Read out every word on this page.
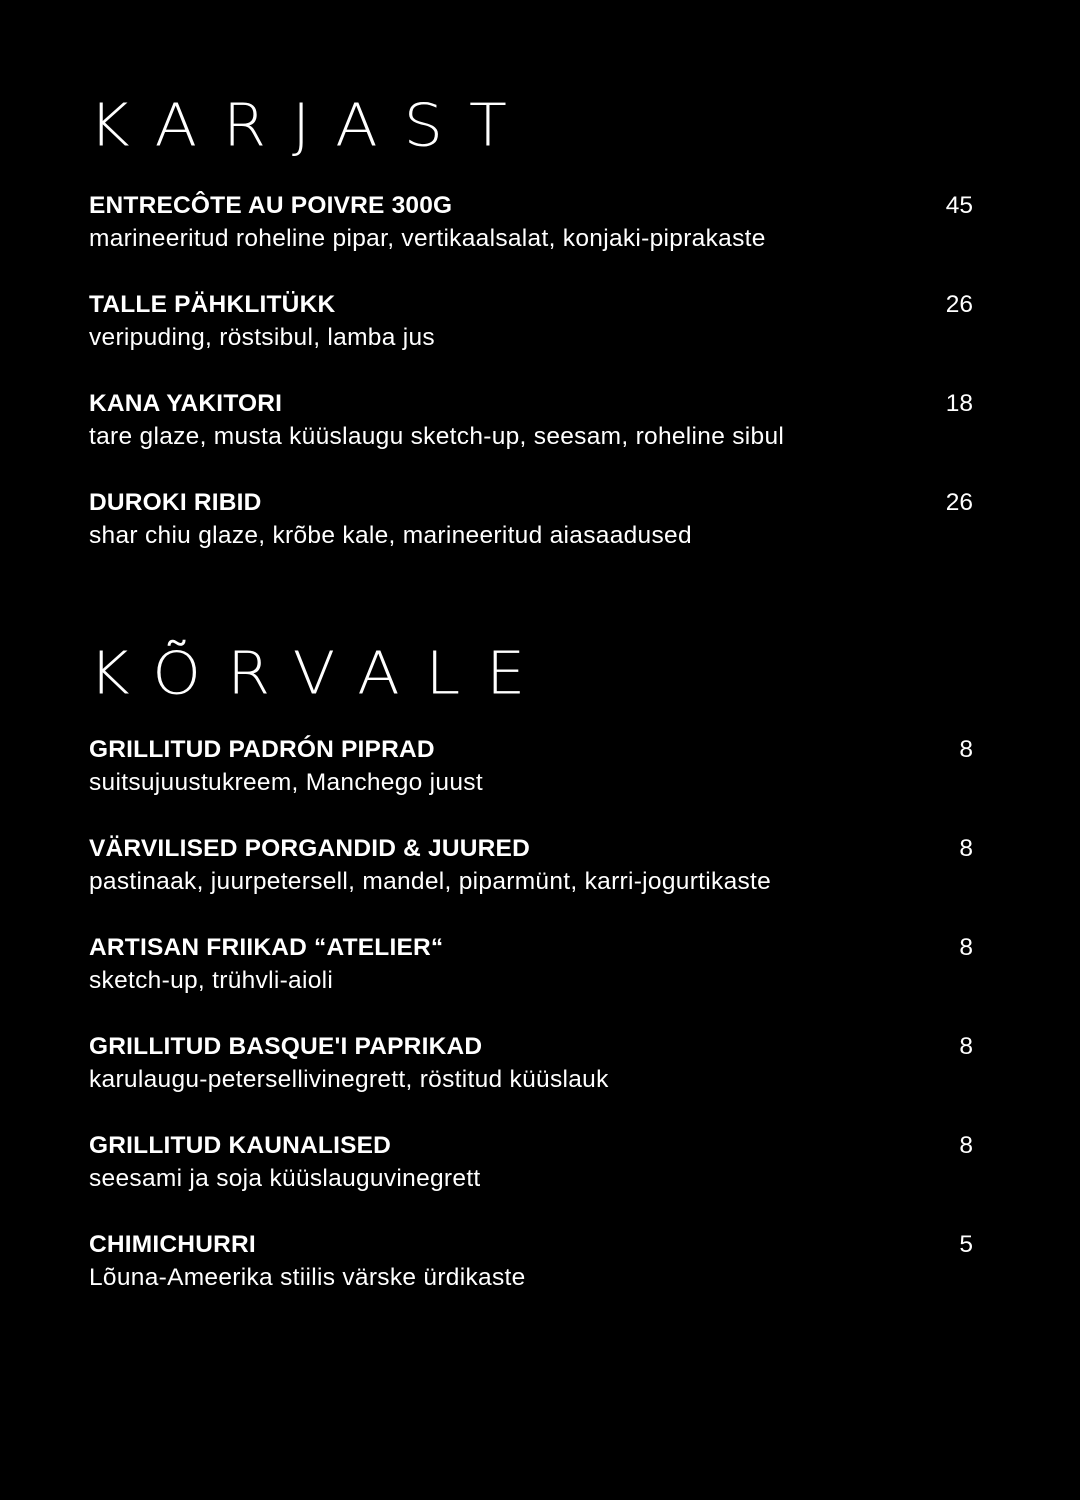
KARJAST
ENTRECÔTE AU POIVRE 300G	45
marineeritud roheline pipar, vertikaalsalat, konjaki-piprakaste
TALLE PÄHKLITÜKK	26
veripuding, röstsibul, lamba jus
KANA YAKITORI	18
tare glaze, musta küüslaugu sketch-up, seesam, roheline sibul
DUROKI RIBID	26
shar chiu glaze, krõbe kale, marineeritud aiasaadused
KÕRVALE
GRILLITUD PADRÓN PIPRAD	8
suitsujuustukreem, Manchego juust
VÄRVILISED PORGANDID & JUURED	8
pastinaak, juurpetersell, mandel, piparmünt, karri-jogurtikaste
ARTISAN FRIIKAD “ATELIER“	8
sketch-up, trühvli-aioli
GRILLITUD BASQUE'I PAPRIKAD	8
karulaugu-petersellivinegrett, röstitud küüslauk
GRILLITUD KAUNALISED	8
seesami ja soja küüslauguvinegrett
CHIMICHURRI	5
Lõuna-Ameerika stiilis värske ürdikaste
